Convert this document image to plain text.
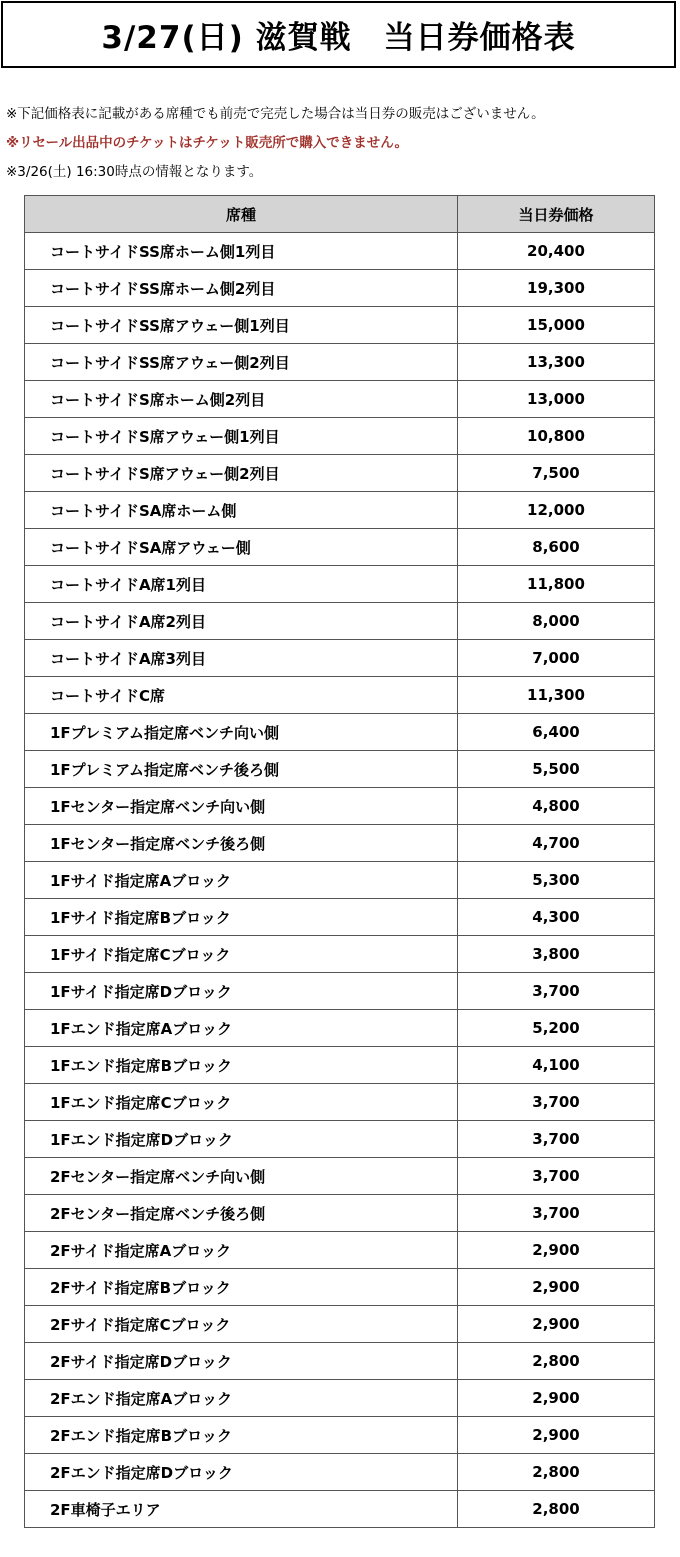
3/27(日) 滋賀戦　当日券価格表
※下記価格表に記載がある席種でも前売で完売した場合は当日券の販売はございません。
※リセール出品中のチケットはチケット販売所で購入できません。
※3/26(土) 16:30時点の情報となります。
席種	当日券価格
コートサイドSS席ホーム側1列目	20,400
コートサイドSS席ホーム側2列目	19,300
コートサイドSS席アウェー側1列目	15,000
コートサイドSS席アウェー側2列目	13,300
コートサイドS席ホーム側2列目	13,000
コートサイドS席アウェー側1列目	10,800
コートサイドS席アウェー側2列目	7,500
コートサイドSA席ホーム側	12,000
コートサイドSA席アウェー側	8,600
コートサイドA席1列目	11,800
コートサイドA席2列目	8,000
コートサイドA席3列目	7,000
コートサイドC席	11,300
1Fプレミアム指定席ベンチ向い側	6,400
1Fプレミアム指定席ベンチ後ろ側	5,500
1Fセンター指定席ベンチ向い側	4,800
1Fセンター指定席ベンチ後ろ側	4,700
1Fサイド指定席Aブロック	5,300
1Fサイド指定席Bブロック	4,300
1Fサイド指定席Cブロック	3,800
1Fサイド指定席Dブロック	3,700
1Fエンド指定席Aブロック	5,200
1Fエンド指定席Bブロック	4,100
1Fエンド指定席Cブロック	3,700
1Fエンド指定席Dブロック	3,700
2Fセンター指定席ベンチ向い側	3,700
2Fセンター指定席ベンチ後ろ側	3,700
2Fサイド指定席Aブロック	2,900
2Fサイド指定席Bブロック	2,900
2Fサイド指定席Cブロック	2,900
2Fサイド指定席Dブロック	2,800
2Fエンド指定席Aブロック	2,900
2Fエンド指定席Bブロック	2,900
2Fエンド指定席Dブロック	2,800
2F車椅子エリア	2,800
